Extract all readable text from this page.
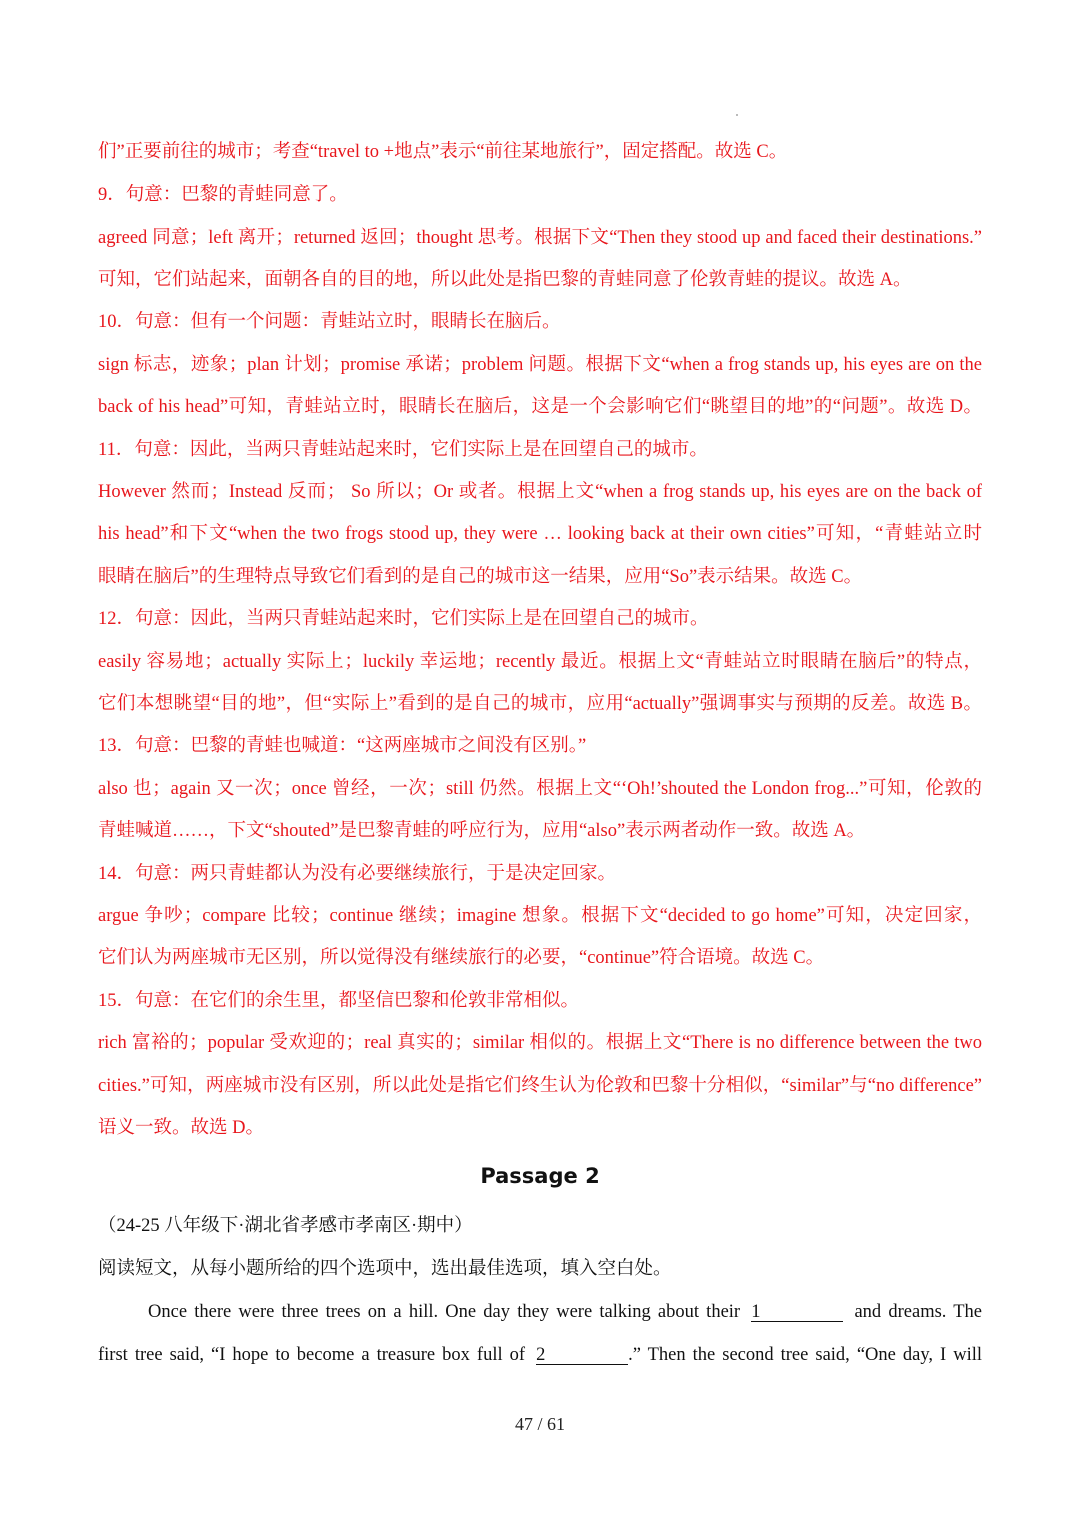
们”正要前往的城市；考查“travel to +地点”表示“前往某地旅行”，固定搭配。故选 C。
9．句意：巴黎的青蛙同意了。
agreed 同意；left 离开；returned 返回；thought 思考。根据下文“Then they stood up and faced their destinations.”
可知，它们站起来，面朝各自的目的地，所以此处是指巴黎的青蛙同意了伦敦青蛙的提议。故选 A。
10．句意：但有一个问题：青蛙站立时，眼睛长在脑后。
sign 标志，迹象；plan 计划；promise 承诺；problem 问题。根据下文“when a frog stands up, his eyes are on the
back of his head”可知，青蛙站立时，眼睛长在脑后，这是一个会影响它们“眺望目的地”的“问题”。故选 D。
11．句意：因此，当两只青蛙站起来时，它们实际上是在回望自己的城市。
However 然而；Instead 反而； So 所以；Or 或者。根据上文“when a frog stands up, his eyes are on the back of
his head”和下文“when the two frogs stood up, they were … looking back at their own cities”可知，“青蛙站立时
眼睛在脑后”的生理特点导致它们看到的是自己的城市这一结果，应用“So”表示结果。故选 C。
12．句意：因此，当两只青蛙站起来时，它们实际上是在回望自己的城市。
easily 容易地；actually 实际上；luckily 幸运地；recently 最近。根据上文“青蛙站立时眼睛在脑后”的特点，
它们本想眺望“目的地”，但“实际上”看到的是自己的城市，应用“actually”强调事实与预期的反差。故选 B。
13．句意：巴黎的青蛙也喊道：“这两座城市之间没有区别。”
also 也；again 又一次；once 曾经，一次；still 仍然。根据上文“‘Oh!’shouted the London frog...”可知，伦敦的
青蛙喊道……，下文“shouted”是巴黎青蛙的呼应行为，应用“also”表示两者动作一致。故选 A。
14．句意：两只青蛙都认为没有必要继续旅行，于是决定回家。
argue 争吵；compare 比较；continue 继续；imagine 想象。根据下文“decided to go home”可知，决定回家，
它们认为两座城市无区别，所以觉得没有继续旅行的必要，“continue”符合语境。故选 C。
15．句意：在它们的余生里，都坚信巴黎和伦敦非常相似。
rich 富裕的；popular 受欢迎的；real 真实的；similar 相似的。根据上文“There is no difference between the two
cities.”可知，两座城市没有区别，所以此处是指它们终生认为伦敦和巴黎十分相似，“similar”与“no difference”
语义一致。故选 D。
Passage 2
（24-25 八年级下·湖北省孝感市孝南区·期中）
阅读短文，从每小题所给的四个选项中，选出最佳选项，填入空白处。
Once there were three trees on a hill. One day they were talking about their 1	and dreams. The
first tree said, “I hope to become a treasure box full of 2	.” Then the second tree said, “One day, I will
47 / 61
